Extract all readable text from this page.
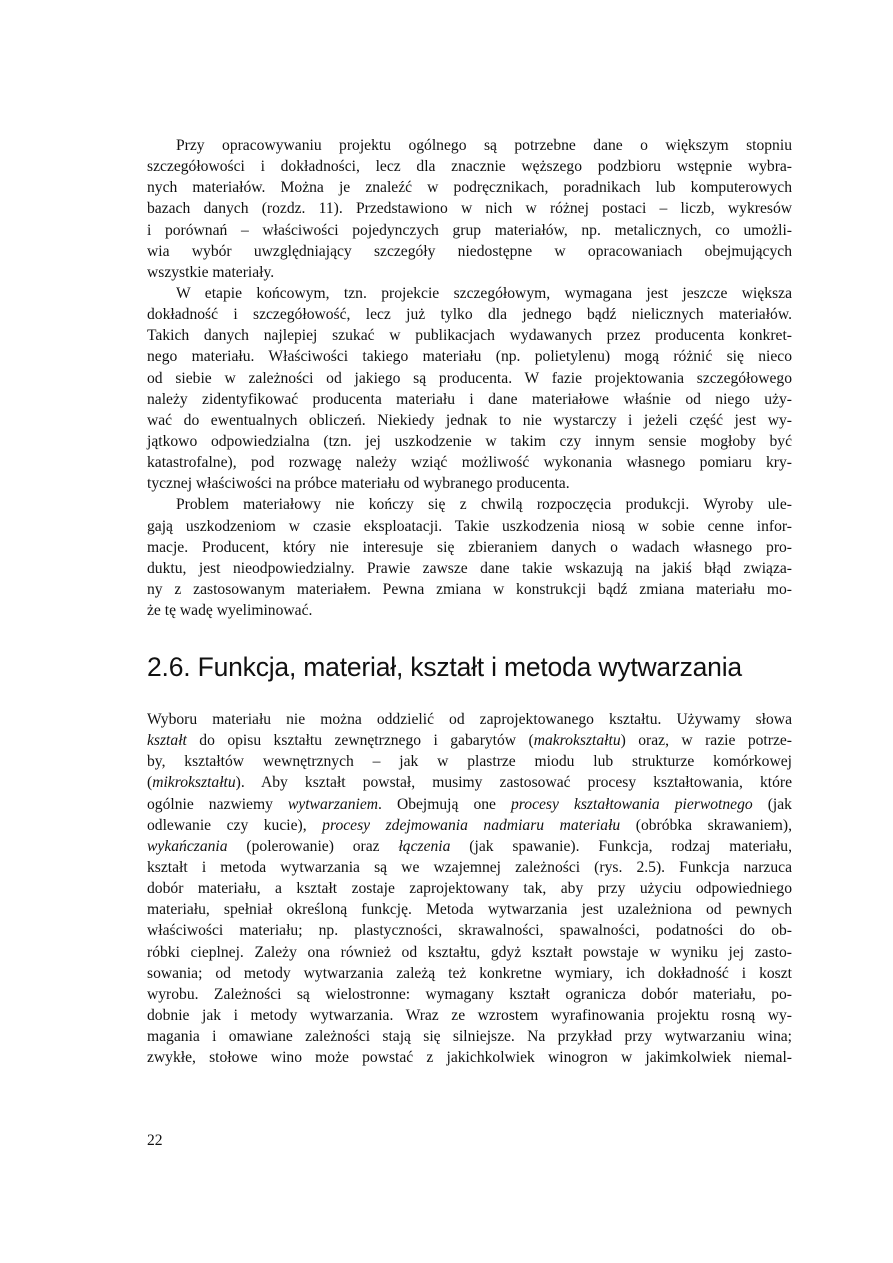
Przy opracowywaniu projektu ogólnego są potrzebne dane o większym stopniu
szczegółowości i dokładności, lecz dla znacznie węższego podzbioru wstępnie wybra-
nych materiałów. Można je znaleźć w podręcznikach, poradnikach lub komputerowych
bazach danych (rozdz. 11). Przedstawiono w nich w różnej postaci – liczb, wykresów
i porównań – właściwości pojedynczych grup materiałów, np. metalicznych, co umożli-
wia wybór uwzględniający szczegóły niedostępne w opracowaniach obejmujących
wszystkie materiały.
W etapie końcowym, tzn. projekcie szczegółowym, wymagana jest jeszcze większa
dokładność i szczegółowość, lecz już tylko dla jednego bądź nielicznych materiałów.
Takich danych najlepiej szukać w publikacjach wydawanych przez producenta konkret-
nego materiału. Właściwości takiego materiału (np. polietylenu) mogą różnić się nieco
od siebie w zależności od jakiego są producenta. W fazie projektowania szczegółowego
należy zidentyfikować producenta materiału i dane materiałowe właśnie od niego uży-
wać do ewentualnych obliczeń. Niekiedy jednak to nie wystarczy i jeżeli część jest wy-
jątkowo odpowiedzialna (tzn. jej uszkodzenie w takim czy innym sensie mogłoby być
katastrofalne), pod rozwagę należy wziąć możliwość wykonania własnego pomiaru kry-
tycznej właściwości na próbce materiału od wybranego producenta.
Problem materiałowy nie kończy się z chwilą rozpoczęcia produkcji. Wyroby ule-
gają uszkodzeniom w czasie eksploatacji. Takie uszkodzenia niosą w sobie cenne infor-
macje. Producent, który nie interesuje się zbieraniem danych o wadach własnego pro-
duktu, jest nieodpowiedzialny. Prawie zawsze dane takie wskazują na jakiś błąd związa-
ny z zastosowanym materiałem. Pewna zmiana w konstrukcji bądź zmiana materiału mo-
że tę wadę wyeliminować.
2.6. Funkcja, materiał, kształt i metoda wytwarzania
Wyboru materiału nie można oddzielić od zaprojektowanego kształtu. Używamy słowa
kształt do opisu kształtu zewnętrznego i gabarytów (makrokształtu) oraz, w razie potrze-
by, kształtów wewnętrznych – jak w plastrze miodu lub strukturze komórkowej
(mikrokształtu). Aby kształt powstał, musimy zastosować procesy kształtowania, które
ogólnie nazwiemy wytwarzaniem. Obejmują one procesy kształtowania pierwotnego (jak
odlewanie czy kucie), procesy zdejmowania nadmiaru materiału (obróbka skrawaniem),
wykańczania (polerowanie) oraz łączenia (jak spawanie). Funkcja, rodzaj materiału,
kształt i metoda wytwarzania są we wzajemnej zależności (rys. 2.5). Funkcja narzuca
dobór materiału, a kształt zostaje zaprojektowany tak, aby przy użyciu odpowiedniego
materiału, spełniał określoną funkcję. Metoda wytwarzania jest uzależniona od pewnych
właściwości materiału; np. plastyczności, skrawalności, spawalności, podatności do ob-
róbki cieplnej. Zależy ona również od kształtu, gdyż kształt powstaje w wyniku jej zasto-
sowania; od metody wytwarzania zależą też konkretne wymiary, ich dokładność i koszt
wyrobu. Zależności są wielostronne: wymagany kształt ogranicza dobór materiału, po-
dobnie jak i metody wytwarzania. Wraz ze wzrostem wyrafinowania projektu rosną wy-
magania i omawiane zależności stają się silniejsze. Na przykład przy wytwarzaniu wina;
zwykłe, stołowe wino może powstać z jakichkolwiek winogron w jakimkolwiek niemal-
22
